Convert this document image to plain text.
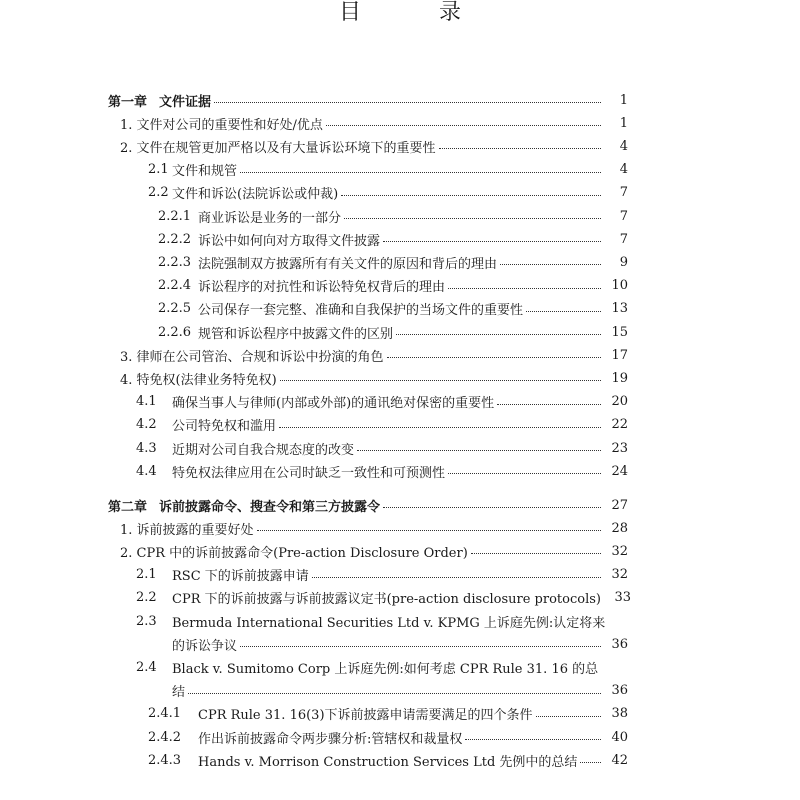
目　录
第一章 文件证据	1
1. 文件对公司的重要性和好处/优点	1
2. 文件在规管更加严格以及有大量诉讼环境下的重要性	4
2.1 文件和规管	4
2.2 文件和诉讼(法院诉讼或仲裁)	7
2.2.1 商业诉讼是业务的一部分	7
2.2.2 诉讼中如何向对方取得文件披露	7
2.2.3 法院强制双方披露所有有关文件的原因和背后的理由	9
2.2.4 诉讼程序的对抗性和诉讼特免权背后的理由	10
2.2.5 公司保存一套完整、准确和自我保护的当场文件的重要性	13
2.2.6 规管和诉讼程序中披露文件的区别	15
3. 律师在公司管治、合规和诉讼中扮演的角色	17
4. 特免权(法律业务特免权)	19
4.1	确保当事人与律师(内部或外部)的通讯绝对保密的重要性	20
4.2	公司特免权和滥用	22
4.3	近期对公司自我合规态度的改变	23
4.4	特免权法律应用在公司时缺乏一致性和可预测性	24
第二章 诉前披露命令、搜查令和第三方披露令	27
1. 诉前披露的重要好处	28
2. CPR 中的诉前披露命令(Pre-action Disclosure Order)	32
2.1	RSC 下的诉前披露申请	32
2.2	CPR 下的诉前披露与诉前披露议定书(pre-action disclosure protocols)	33
2.3	Bermuda International Securities Ltd v. KPMG 上诉庭先例:认定将来
的诉讼争议	36
2.4	Black v. Sumitomo Corp 上诉庭先例:如何考虑 CPR Rule 31. 16 的总
结	36
2.4.1	CPR Rule 31. 16(3)下诉前披露申请需要满足的四个条件	38
2.4.2	作出诉前披露命令两步骤分析:管辖权和裁量权	40
2.4.3	Hands v. Morrison Construction Services Ltd 先例中的总结	42
